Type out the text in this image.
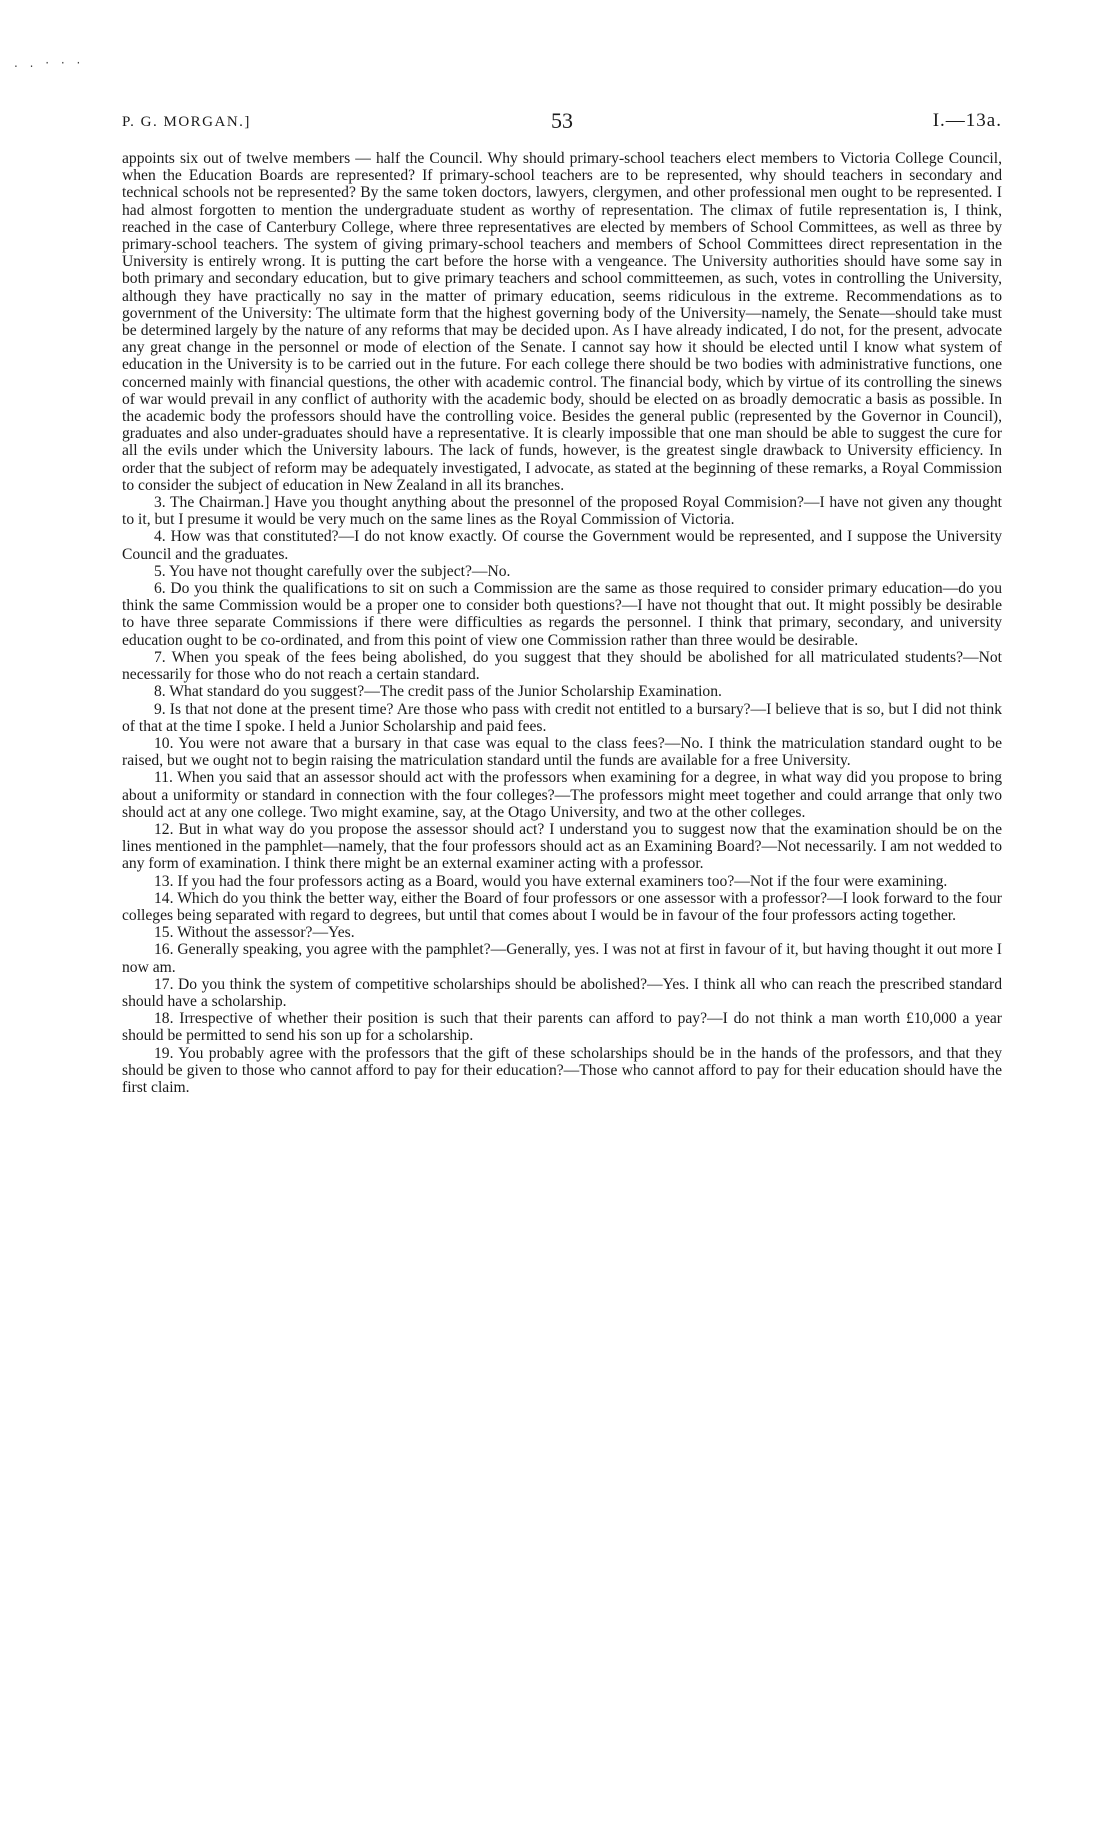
. . · · ·
P. G. MORGAN.]	53	I.—13a.

appoints six out of twelve members — half the Council. Why should primary-school teachers elect members to Victoria College Council, when the Education Boards are represented? If primary-school teachers are to be represented, why should teachers in secondary and technical schools not be represented? By the same token doctors, lawyers, clergymen, and other professional men ought to be represented. I had almost forgotten to mention the undergraduate student as worthy of representation. The climax of futile representation is, I think, reached in the case of Canterbury College, where three representatives are elected by members of School Committees, as well as three by primary-school teachers. The system of giving primary-school teachers and members of School Committees direct representation in the University is entirely wrong. It is putting the cart before the horse with a vengeance. The University authorities should have some say in both primary and secondary education, but to give primary teachers and school committeemen, as such, votes in controlling the University, although they have practically no say in the matter of primary education, seems ridiculous in the extreme. Recommendations as to government of the University: The ultimate form that the highest governing body of the University—namely, the Senate—should take must be determined largely by the nature of any reforms that may be decided upon. As I have already indicated, I do not, for the present, advocate any great change in the personnel or mode of election of the Senate. I cannot say how it should be elected until I know what system of education in the University is to be carried out in the future. For each college there should be two bodies with administrative functions, one concerned mainly with financial questions, the other with academic control. The financial body, which by virtue of its controlling the sinews of war would prevail in any conflict of authority with the academic body, should be elected on as broadly democratic a basis as possible. In the academic body the professors should have the controlling voice. Besides the general public (represented by the Governor in Council), graduates and also under-graduates should have a representative. It is clearly impossible that one man should be able to suggest the cure for all the evils under which the University labours. The lack of funds, however, is the greatest single drawback to University efficiency. In order that the subject of reform may be adequately investigated, I advocate, as stated at the beginning of these remarks, a Royal Commission to consider the subject of education in New Zealand in all its branches.

3. The Chairman.] Have you thought anything about the presonnel of the proposed Royal Commision?—I have not given any thought to it, but I presume it would be very much on the same lines as the Royal Commission of Victoria.

4. How was that constituted?—I do not know exactly. Of course the Government would be represented, and I suppose the University Council and the graduates.

5. You have not thought carefully over the subject?—No.

6. Do you think the qualifications to sit on such a Commission are the same as those required to consider primary education—do you think the same Commission would be a proper one to consider both questions?—I have not thought that out. It might possibly be desirable to have three separate Commissions if there were difficulties as regards the personnel. I think that primary, secondary, and university education ought to be co-ordinated, and from this point of view one Commission rather than three would be desirable.

7. When you speak of the fees being abolished, do you suggest that they should be abolished for all matriculated students?—Not necessarily for those who do not reach a certain standard.

8. What standard do you suggest?—The credit pass of the Junior Scholarship Examination.

9. Is that not done at the present time? Are those who pass with credit not entitled to a bursary?—I believe that is so, but I did not think of that at the time I spoke. I held a Junior Scholarship and paid fees.

10. You were not aware that a bursary in that case was equal to the class fees?—No. I think the matriculation standard ought to be raised, but we ought not to begin raising the matriculation standard until the funds are available for a free University.

11. When you said that an assessor should act with the professors when examining for a degree, in what way did you propose to bring about a uniformity or standard in connection with the four colleges?—The professors might meet together and could arrange that only two should act at any one college. Two might examine, say, at the Otago University, and two at the other colleges.

12. But in what way do you propose the assessor should act? I understand you to suggest now that the examination should be on the lines mentioned in the pamphlet—namely, that the four professors should act as an Examining Board?—Not necessarily. I am not wedded to any form of examination. I think there might be an external examiner acting with a professor.

13. If you had the four professors acting as a Board, would you have external examiners too?—Not if the four were examining.

14. Which do you think the better way, either the Board of four professors or one assessor with a professor?—I look forward to the four colleges being separated with regard to degrees, but until that comes about I would be in favour of the four professors acting together.

15. Without the assessor?—Yes.

16. Generally speaking, you agree with the pamphlet?—Generally, yes. I was not at first in favour of it, but having thought it out more I now am.

17. Do you think the system of competitive scholarships should be abolished?—Yes. I think all who can reach the prescribed standard should have a scholarship.

18. Irrespective of whether their position is such that their parents can afford to pay?—I do not think a man worth £10,000 a year should be permitted to send his son up for a scholarship.

19. You probably agree with the professors that the gift of these scholarships should be in the hands of the professors, and that they should be given to those who cannot afford to pay for their education?—Those who cannot afford to pay for their education should have the first claim.
